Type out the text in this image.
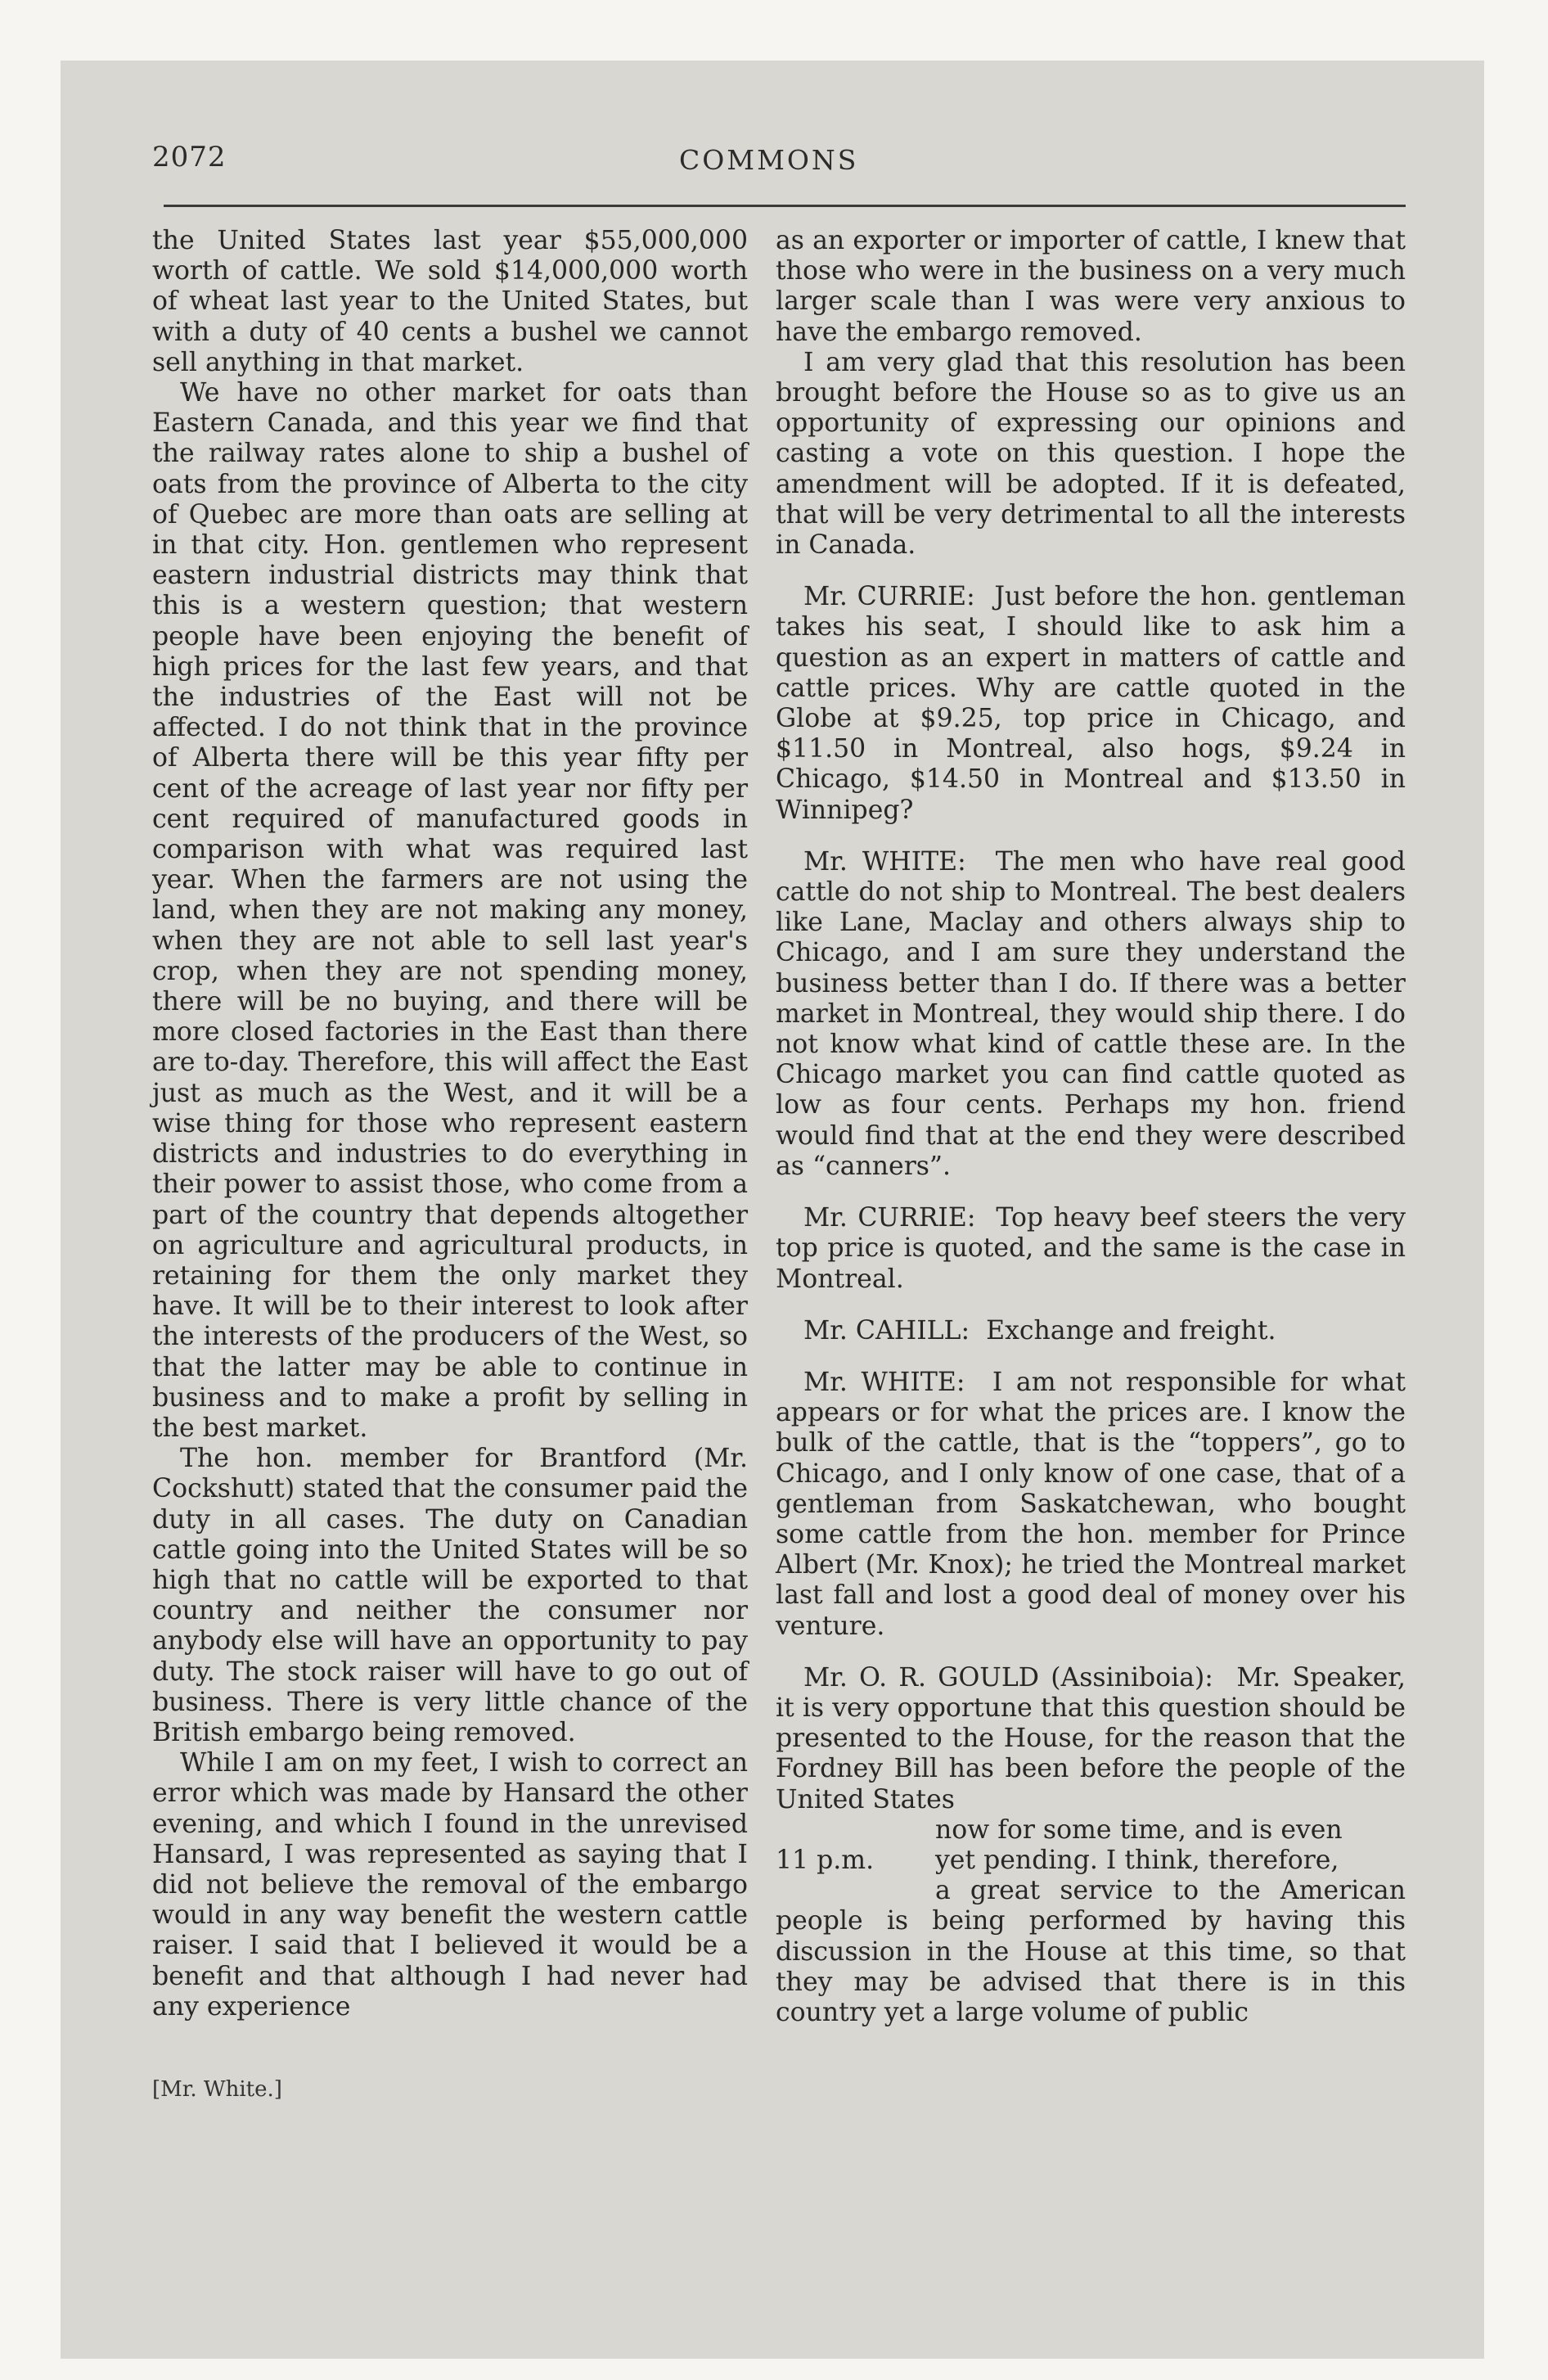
2072	COMMONS

the United States last year $55,000,000 worth of cattle. We sold $14,000,000 worth of wheat last year to the United States, but with a duty of 40 cents a bushel we cannot sell anything in that market.

We have no other market for oats than Eastern Canada, and this year we find that the railway rates alone to ship a bushel of oats from the province of Alberta to the city of Quebec are more than oats are selling at in that city. Hon. gentlemen who represent eastern industrial districts may think that this is a western question; that western people have been enjoying the benefit of high prices for the last few years, and that the industries of the East will not be affected. I do not think that in the province of Alberta there will be this year fifty per cent of the acreage of last year nor fifty per cent required of manufactured goods in comparison with what was required last year. When the farmers are not using the land, when they are not making any money, when they are not able to sell last year's crop, when they are not spending money, there will be no buying, and there will be more closed factories in the East than there are to-day. Therefore, this will affect the East just as much as the West, and it will be a wise thing for those who represent eastern districts and industries to do everything in their power to assist those, who come from a part of the country that depends altogether on agriculture and agricultural products, in retaining for them the only market they have. It will be to their interest to look after the interests of the producers of the West, so that the latter may be able to continue in business and to make a profit by selling in the best market.

The hon. member for Brantford (Mr. Cockshutt) stated that the consumer paid the duty in all cases. The duty on Canadian cattle going into the United States will be so high that no cattle will be exported to that country and neither the consumer nor anybody else will have an opportunity to pay duty. The stock raiser will have to go out of business. There is very little chance of the British embargo being removed.

While I am on my feet, I wish to correct an error which was made by Hansard the other evening, and which I found in the unrevised Hansard, I was represented as saying that I did not believe the removal of the embargo would in any way benefit the western cattle raiser. I said that I believed it would be a benefit and that although I had never had any experience

[Mr. White.]

as an exporter or importer of cattle, I knew that those who were in the business on a very much larger scale than I was were very anxious to have the embargo removed.

I am very glad that this resolution has been brought before the House so as to give us an opportunity of expressing our opinions and casting a vote on this question. I hope the amendment will be adopted. If it is defeated, that will be very detrimental to all the interests in Canada.

Mr. CURRIE: Just before the hon. gentleman takes his seat, I should like to ask him a question as an expert in matters of cattle and cattle prices. Why are cattle quoted in the Globe at $9.25, top price in Chicago, and $11.50 in Montreal, also hogs, $9.24 in Chicago, $14.50 in Montreal and $13.50 in Winnipeg?

Mr. WHITE: The men who have real good cattle do not ship to Montreal. The best dealers like Lane, Maclay and others always ship to Chicago, and I am sure they understand the business better than I do. If there was a better market in Montreal, they would ship there. I do not know what kind of cattle these are. In the Chicago market you can find cattle quoted as low as four cents. Perhaps my hon. friend would find that at the end they were described as “canners”.

Mr. CURRIE: Top heavy beef steers the very top price is quoted, and the same is the case in Montreal.

Mr. CAHILL: Exchange and freight.

Mr. WHITE: I am not responsible for what appears or for what the prices are. I know the bulk of the cattle, that is the “toppers”, go to Chicago, and I only know of one case, that of a gentleman from Saskatchewan, who bought some cattle from the hon. member for Prince Albert (Mr. Knox); he tried the Montreal market last fall and lost a good deal of money over his venture.

Mr. O. R. GOULD (Assiniboia): Mr. Speaker, it is very opportune that this question should be presented to the House, for the reason that the Fordney Bill has been before the people of the United States

now for some time, and is even

yet pending. I think, therefore,

a great service to the American people is being performed by having this discussion in the House at this time, so that they may be advised that there is in this country yet a large volume of public

11 p.m.
